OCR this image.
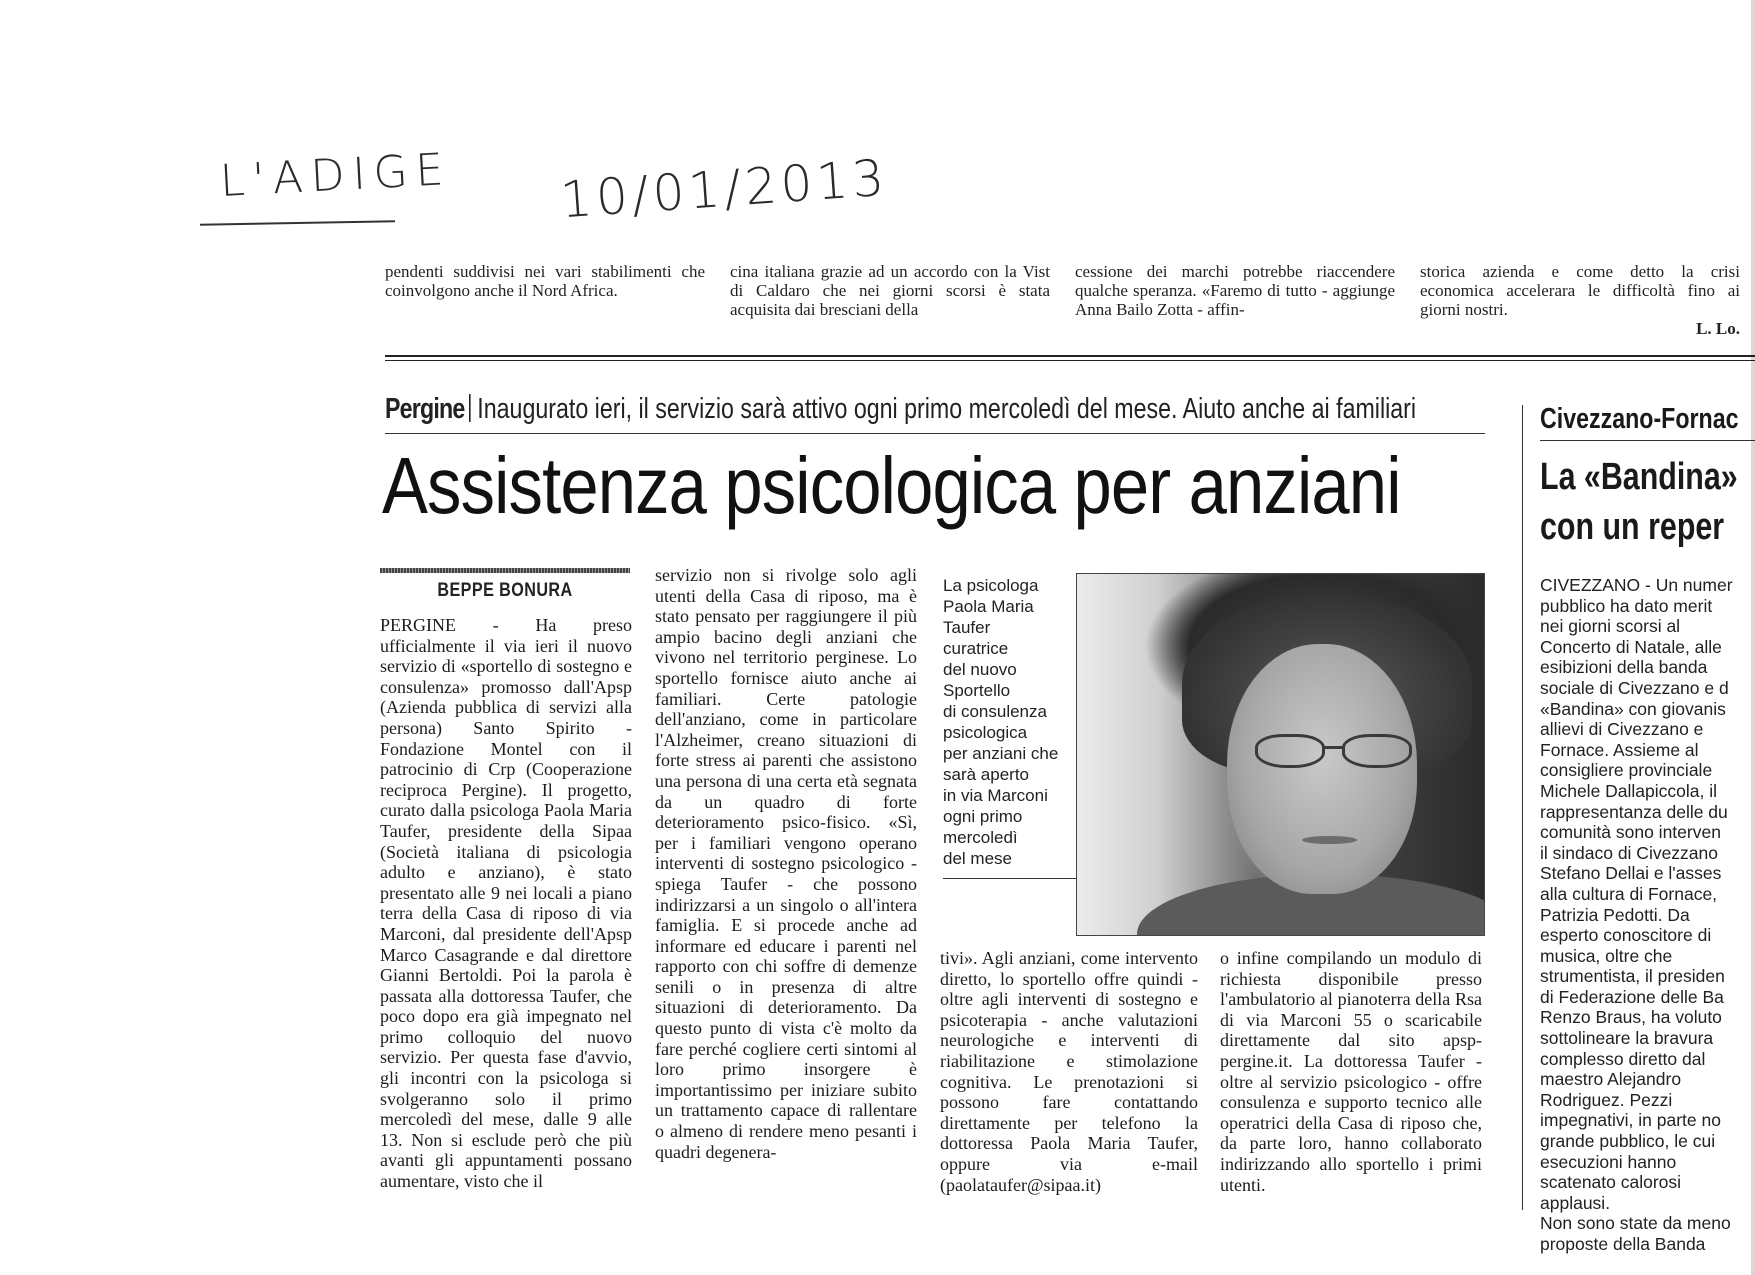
L'ADIGE 10/01/2013
pendenti suddivisi nei vari stabilimenti che coinvolgono anche il Nord Africa.
cina italiana grazie ad un accordo con la Vist di Caldaro che nei giorni scorsi è stata acquisita dai bresciani della
cessione dei marchi potrebbe riaccendere qualche speranza. «Faremo di tutto - aggiunge Anna Bailo Zotta - affin-
storica azienda e come detto la crisi economica accelerara le difficoltà fino ai giorni nostri.
L. Lo.
Pergine Inaugurato ieri, il servizio sarà attivo ogni primo mercoledì del mese. Aiuto anche ai familiari
Assistenza psicologica per anziani
BEPPE BONURA
PERGINE - Ha preso ufficialmente il via ieri il nuovo servizio di «sportello di sostegno e consulenza» promosso dall'Apsp (Azienda pubblica di servizi alla persona) Santo Spirito - Fondazione Montel con il patrocinio di Crp (Cooperazione reciproca Pergine). Il progetto, curato dalla psicologa Paola Maria Taufer, presidente della Sipaa (Società italiana di psicologia adulto e anziano), è stato presentato alle 9 nei locali a piano terra della Casa di riposo di via Marconi, dal presidente dell'Apsp Marco Casagrande e dal direttore Gianni Bertoldi. Poi la parola è passata alla dottoressa Taufer, che poco dopo era già impegnato nel primo colloquio del nuovo servizio. Per questa fase d'avvio, gli incontri con la psicologa si svolgeranno solo il primo mercoledì del mese, dalle 9 alle 13. Non si esclude però che più avanti gli appuntamenti possano aumentare, visto che il
servizio non si rivolge solo agli utenti della Casa di riposo, ma è stato pensato per raggiungere il più ampio bacino degli anziani che vivono nel territorio perginese. Lo sportello fornisce aiuto anche ai familiari. Certe patologie dell'anziano, come in particolare l'Alzheimer, creano situazioni di forte stress ai parenti che assistono una persona di una certa età segnata da un quadro di forte deterioramento psico-fisico. «Sì, per i familiari vengono operano interventi di sostegno psicologico - spiega Taufer - che possono indirizzarsi a un singolo o all'intera famiglia. E si procede anche ad informare ed educare i parenti nel rapporto con chi soffre di demenze senili o in presenza di altre situazioni di deterioramento. Da questo punto di vista c'è molto da fare perché cogliere certi sintomi al loro primo insorgere è importantissimo per iniziare subito un trattamento capace di rallentare o almeno di rendere meno pesanti i quadri degenera-
tivi». Agli anziani, come intervento diretto, lo sportello offre quindi - oltre agli interventi di sostegno e psicoterapia - anche valutazioni neurologiche e interventi di riabilitazione e stimolazione cognitiva. Le prenotazioni si possono fare contattando direttamente per telefono la dottoressa Paola Maria Taufer, oppure via e-mail (paolataufer@sipaa.it)
o infine compilando un modulo di richiesta disponibile presso l'ambulatorio al pianoterra della Rsa di via Marconi 55 o scaricabile direttamente dal sito apsp-pergine.it. La dottoressa Taufer - oltre al servizio psicologico - offre consulenza e supporto tecnico alle operatrici della Casa di riposo che, da parte loro, hanno collaborato indirizzando allo sportello i primi utenti.
La psicologa
Paola Maria
Taufer
curatrice
del nuovo
Sportello
di consulenza
psicologica
per anziani che
sarà aperto
in via Marconi
ogni primo
mercoledì
del mese
Civezzano-Fornac
La «Bandina»
con un reper
CIVEZZANO - Un numer
pubblico ha dato merit
nei giorni scorsi al
Concerto di Natale, alle
esibizioni della banda
sociale di Civezzano e d
«Bandina» con giovanis
allievi di Civezzano e
Fornace. Assieme al
consigliere provinciale
Michele Dallapiccola, il
rappresentanza delle du
comunità sono interven
il sindaco di Civezzano
Stefano Dellai e l'asses
alla cultura di Fornace,
Patrizia Pedotti. Da
esperto conoscitore di
musica, oltre che
strumentista, il presiden
di Federazione delle Ba
Renzo Braus, ha voluto
sottolineare la bravura
complesso diretto dal
maestro Alejandro
Rodriguez. Pezzi
impegnativi, in parte no
grande pubblico, le cui
esecuzioni hanno
scatenato calorosi
applausi.
Non sono state da meno
proposte della Banda
